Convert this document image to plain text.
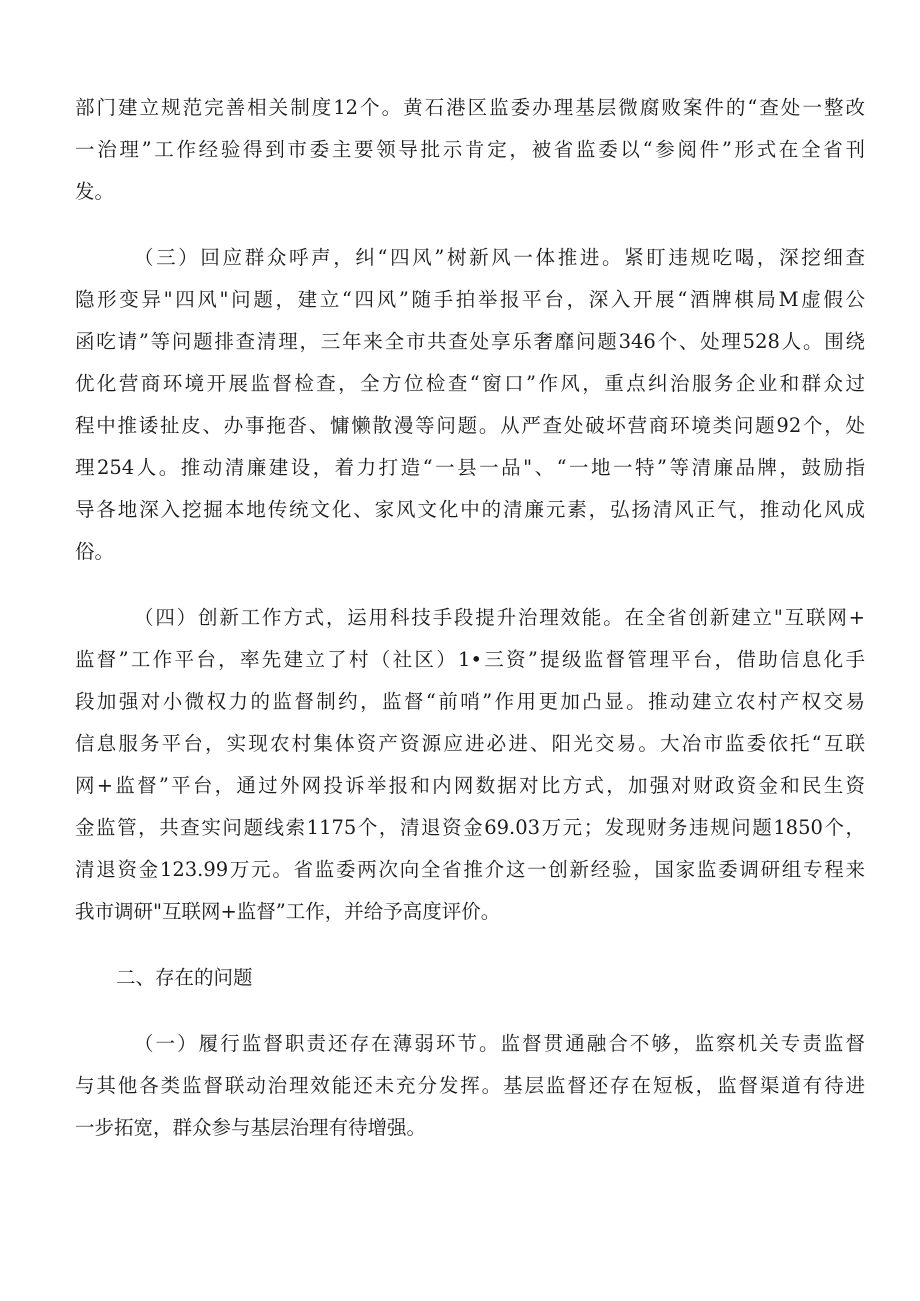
部门建立规范完善相关制度12个。黄石港区监委办理基层微腐败案件的“查处一整改
一治理”工作经验得到市委主要领导批示肯定，被省监委以“参阅件”形式在全省刊
发。
（三）回应群众呼声，纠“四风”树新风一体推进。紧盯违规吃喝，深挖细查
隐形变异"四风"问题，建立“四风”随手拍举报平台，深入开展“酒牌棋局M虚假公
函吃请”等问题排查清理，三年来全市共查处享乐奢靡问题346个、处理528人。围绕
优化营商环境开展监督检查，全方位检查“窗口”作风，重点纠治服务企业和群众过
程中推诿扯皮、办事拖沓、慵懒散漫等问题。从严查处破坏营商环境类问题92个，处
理254人。推动清廉建设，着力打造“一县一品"、“一地一特”等清廉品牌，鼓励指
导各地深入挖掘本地传统文化、家风文化中的清廉元素，弘扬清风正气，推动化风成
俗。
（四）创新工作方式，运用科技手段提升治理效能。在全省创新建立"互联网+
监督”工作平台，率先建立了村（社区）1•三资”提级监督管理平台，借助信息化手
段加强对小微权力的监督制约，监督“前哨”作用更加凸显。推动建立农村产权交易
信息服务平台，实现农村集体资产资源应进必进、阳光交易。大冶市监委依托“互联
网+监督”平台，通过外网投诉举报和内网数据对比方式，加强对财政资金和民生资
金监管，共查实问题线索1175个，清退资金69.03万元；发现财务违规问题1850个，
清退资金123.99万元。省监委两次向全省推介这一创新经验，国家监委调研组专程来
我市调研"互联网+监督”工作，并给予高度评价。
二、存在的问题
（一）履行监督职责还存在薄弱环节。监督贯通融合不够，监察机关专责监督
与其他各类监督联动治理效能还未充分发挥。基层监督还存在短板，监督渠道有待进
一步拓宽，群众参与基层治理有待增强。
